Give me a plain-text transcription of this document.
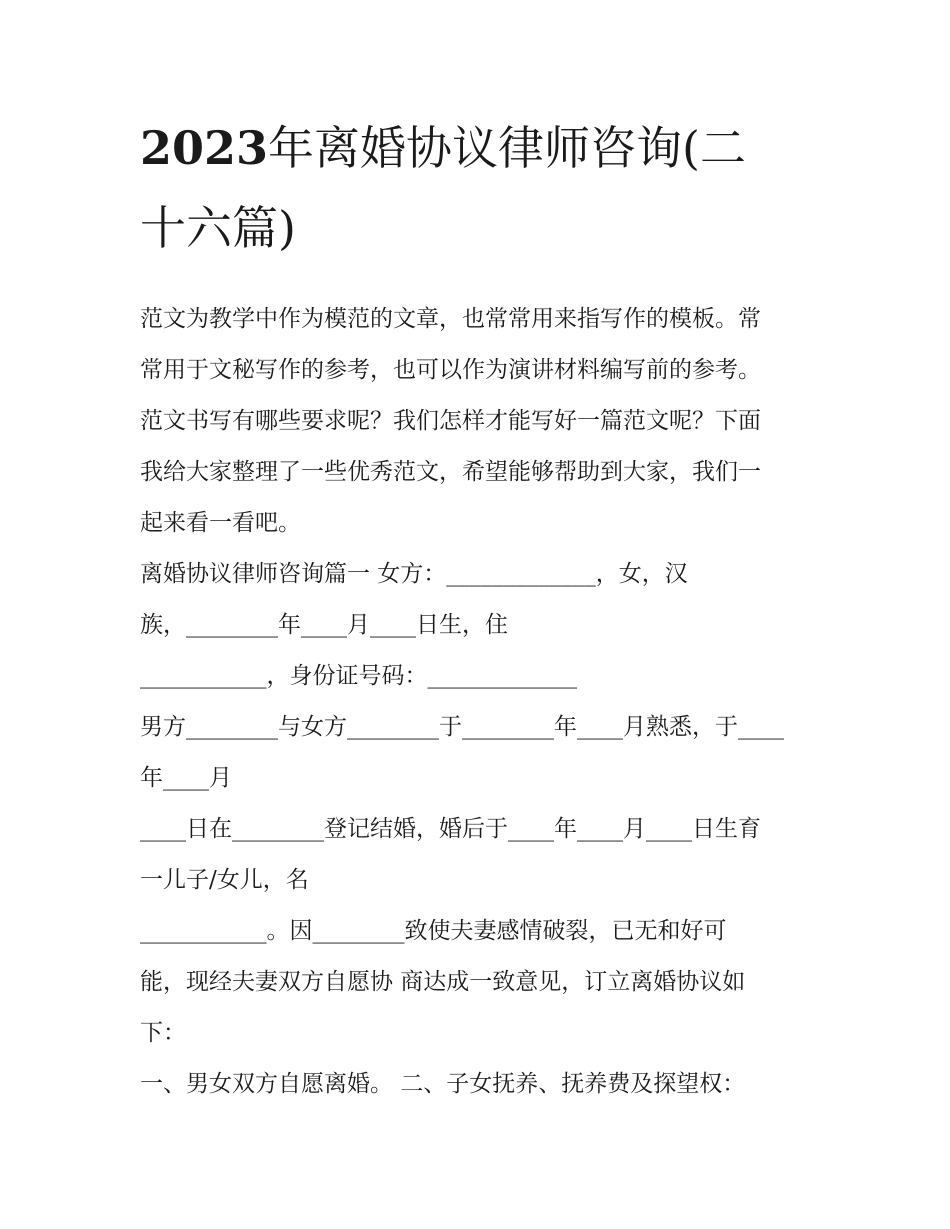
2023年离婚协议律师咨询(二
十六篇)

范文为教学中作为模范的文章，也常常用来指写作的模板。常

常用于文秘写作的参考，也可以作为演讲材料编写前的参考。

范文书写有哪些要求呢？我们怎样才能写好一篇范文呢？下面

我给大家整理了一些优秀范文，希望能够帮助到大家，我们一

起来看一看吧。

离婚协议律师咨询篇一 女方：_____________，女，汉

族，________年____月____日生，住

___________，身份证号码：_____________

男方________与女方________于________年____月熟悉，于____

年____月

____日在________登记结婚，婚后于____年____月____日生育

一儿子/女儿，名

___________。因________致使夫妻感情破裂，已无和好可

能，现经夫妻双方自愿协 商达成一致意见，订立离婚协议如

下：

一、男女双方自愿离婚。 二、子女抚养、抚养费及探望权：
